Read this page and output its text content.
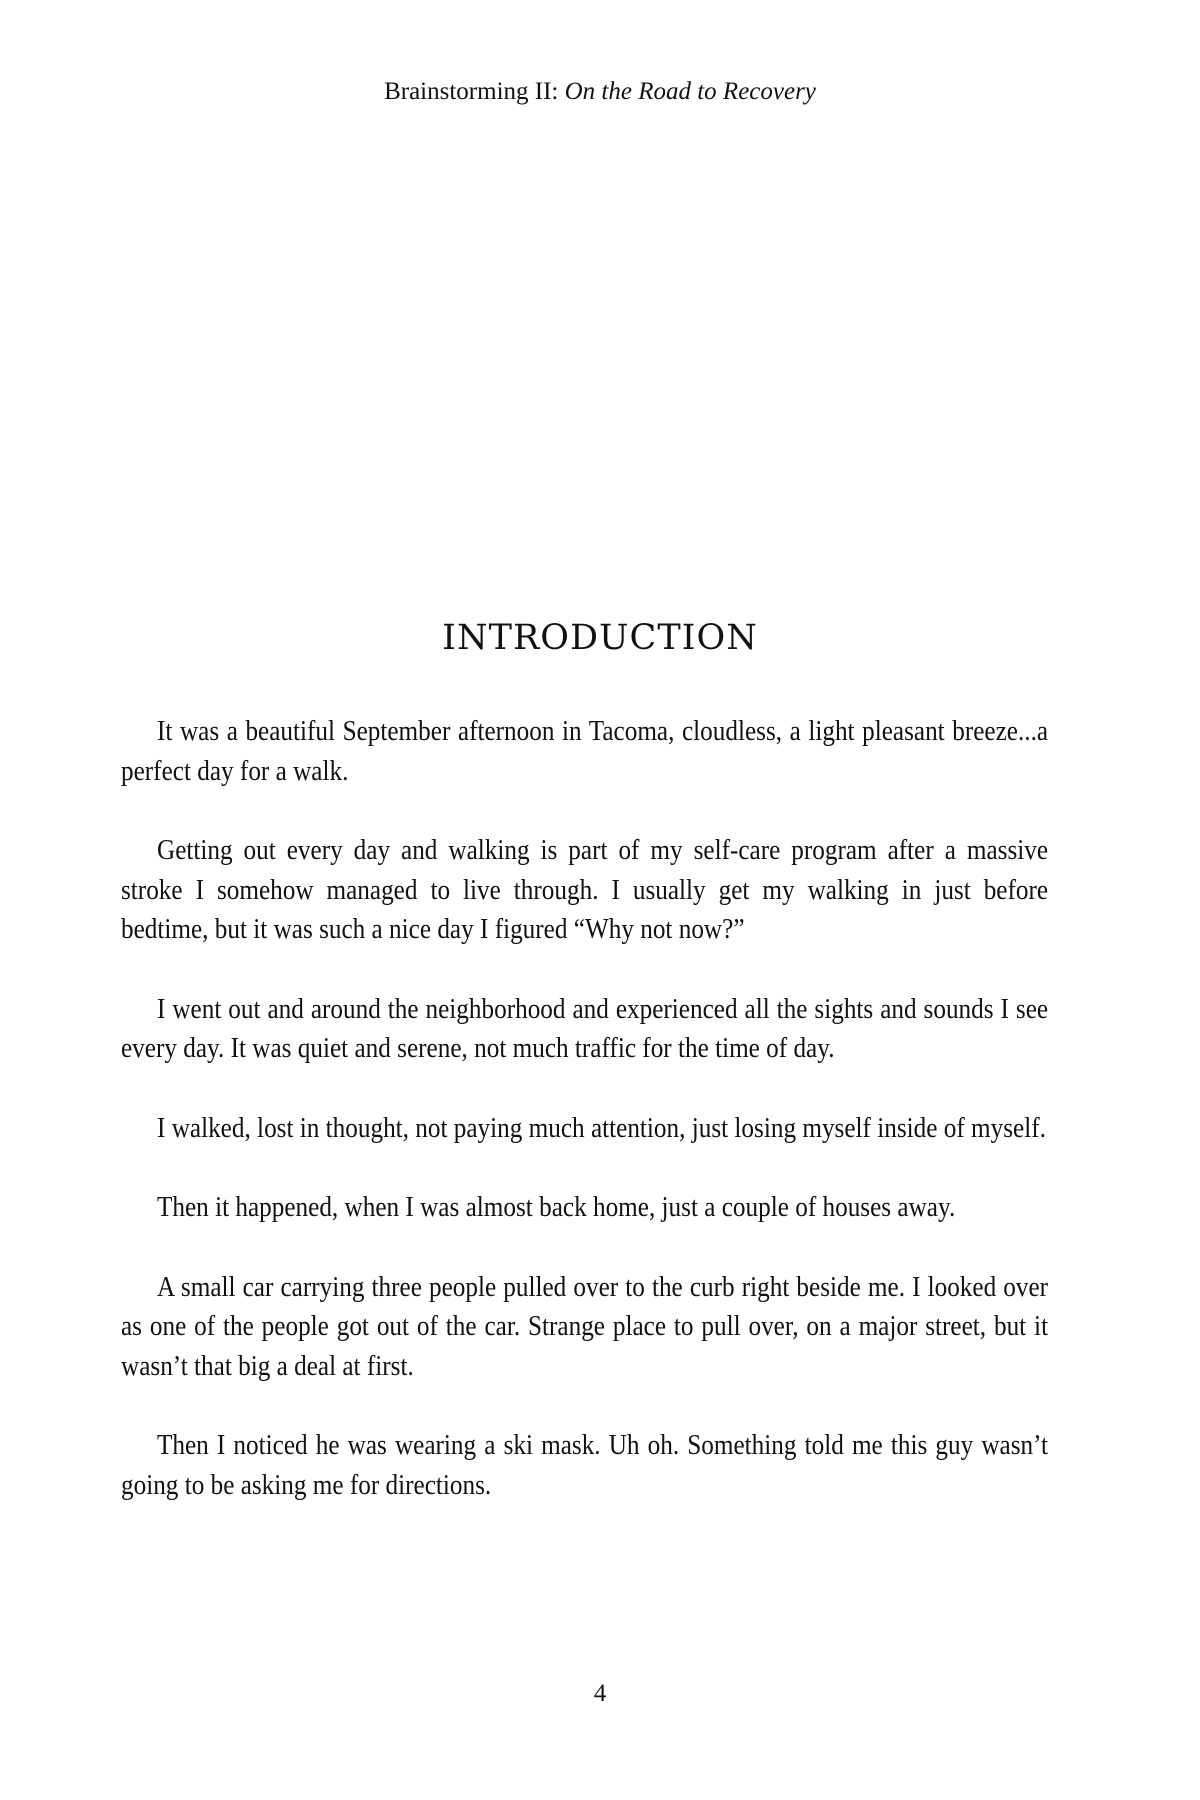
Brainstorming II: On the Road to Recovery
INTRODUCTION

It was a beautiful September afternoon in Tacoma, cloudless, a light pleasant breeze...a perfect day for a walk.

Getting out every day and walking is part of my self-care program after a massive stroke I somehow managed to live through. I usually get my walking in just before bedtime, but it was such a nice day I figured “Why not now?”

I went out and around the neighborhood and experienced all the sights and sounds I see every day. It was quiet and serene, not much traffic for the time of day.

I walked, lost in thought, not paying much attention, just losing myself inside of myself.

Then it happened, when I was almost back home, just a couple of houses away.

A small car carrying three people pulled over to the curb right beside me. I looked over as one of the people got out of the car. Strange place to pull over, on a major street, but it wasn’t that big a deal at first.

Then I noticed he was wearing a ski mask. Uh oh. Something told me this guy wasn’t going to be asking me for directions.

4
